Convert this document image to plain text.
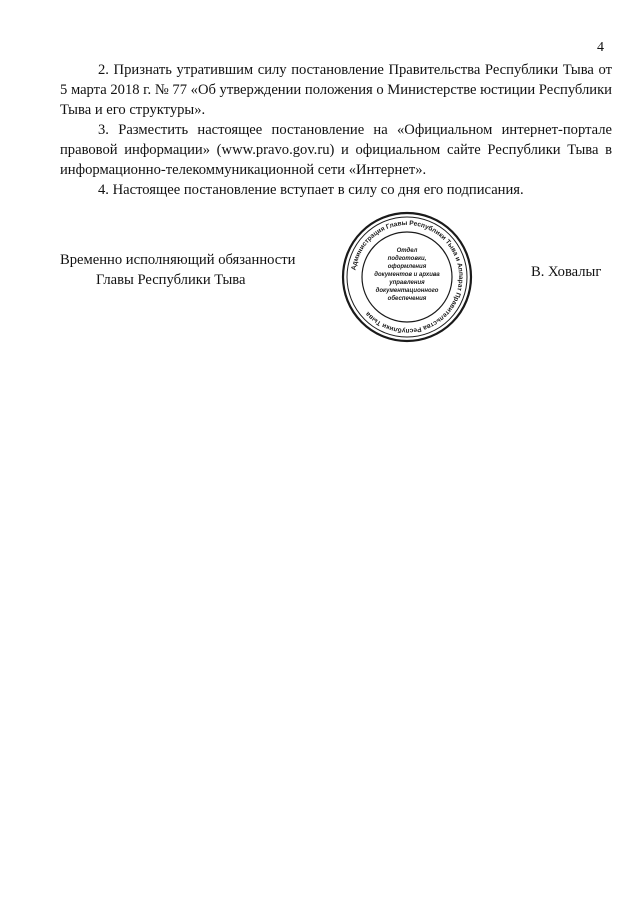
4

2. Признать утратившим силу постановление Правительства Республики Тыва от 5 марта 2018 г. № 77 «Об утверждении положения о Министерстве юстиции Республики Тыва и его структуры».

3. Разместить настоящее постановление на «Официальном интернет-портале правовой информации» (www.pravo.gov.ru) и официальном сайте Республики Тыва в информационно-телекоммуникационной сети «Интернет».

4. Настоящее постановление вступает в силу со дня его подписания.

Временно исполняющий обязанности
Главы Республики Тыва	В. Ховалыг
Администрация Главы Республики Тыва и Аппарат Правительства Республики Тыва
Отдел
подготовки,
оформления
документов и архива
управления
документационного
обеспечения
